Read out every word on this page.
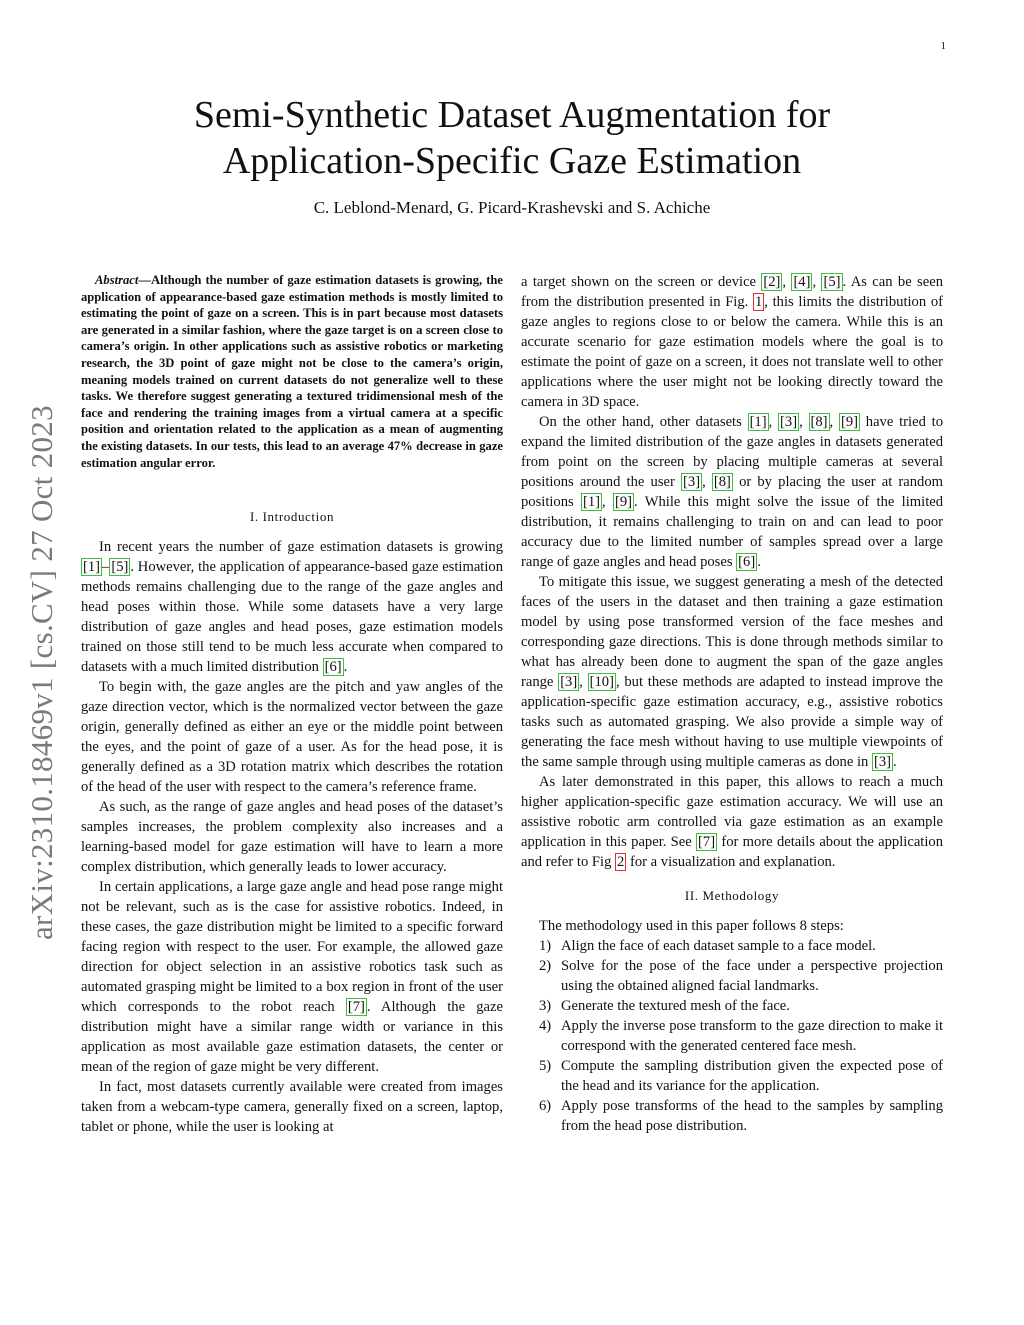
1
arXiv:2310.18469v1 [cs.CV] 27 Oct 2023
Semi-Synthetic Dataset Augmentation for
Application-Specific Gaze Estimation
C. Leblond-Menard, G. Picard-Krashevski and S. Achiche

Abstract—Although the number of gaze estimation datasets is growing, the application of appearance-based gaze estimation methods is mostly limited to estimating the point of gaze on a screen. This is in part because most datasets are generated in a similar fashion, where the gaze target is on a screen close to camera’s origin. In other applications such as assistive robotics or marketing research, the 3D point of gaze might not be close to the camera’s origin, meaning models trained on current datasets do not generalize well to these tasks. We therefore suggest generating a textured tridimensional mesh of the face and rendering the training images from a virtual camera at a specific position and orientation related to the application as a mean of augmenting the existing datasets. In our tests, this lead to an average 47% decrease in gaze estimation angular error.

I. Introduction

In recent years the number of gaze estimation datasets is growing [1] – [5] . However, the application of appearance-based gaze estimation methods remains challenging due to the range of the gaze angles and head poses within those. While some datasets have a very large distribution of gaze angles and head poses, gaze estimation models trained on those still tend to be much less accurate when compared to datasets with a much limited distribution [6] .

To begin with, the gaze angles are the pitch and yaw angles of the gaze direction vector, which is the normalized vector between the gaze origin, generally defined as either an eye or the middle point between the eyes, and the point of gaze of a user. As for the head pose, it is generally defined as a 3D rotation matrix which describes the rotation of the head of the user with respect to the camera’s reference frame.

As such, as the range of gaze angles and head poses of the dataset’s samples increases, the problem complexity also increases and a learning-based model for gaze estimation will have to learn a more complex distribution, which generally leads to lower accuracy.

In certain applications, a large gaze angle and head pose range might not be relevant, such as is the case for assistive robotics. Indeed, in these cases, the gaze distribution might be limited to a specific forward facing region with respect to the user. For example, the allowed gaze direction for object selection in an assistive robotics task such as automated grasping might be limited to a box region in front of the user which corresponds to the robot reach [7] . Although the gaze distribution might have a similar range width or variance in this application as most available gaze estimation datasets, the center or mean of the region of gaze might be very different.

In fact, most datasets currently available were created from images taken from a webcam-type camera, generally fixed on a screen, laptop, tablet or phone, while the user is looking at

a target shown on the screen or device [2] , [4] , [5] . As can be seen from the distribution presented in Fig. 1 , this limits the distribution of gaze angles to regions close to or below the camera. While this is an accurate scenario for gaze estimation models where the goal is to estimate the point of gaze on a screen, it does not translate well to other applications where the user might not be looking directly toward the camera in 3D space.

On the other hand, other datasets [1] , [3] , [8] , [9] have tried to expand the limited distribution of the gaze angles in datasets generated from point on the screen by placing multiple cameras at several positions around the user [3] , [8] or by placing the user at random positions [1] , [9] . While this might solve the issue of the limited distribution, it remains challenging to train on and can lead to poor accuracy due to the limited number of samples spread over a large range of gaze angles and head poses [6] .

To mitigate this issue, we suggest generating a mesh of the detected faces of the users in the dataset and then training a gaze estimation model by using pose transformed version of the face meshes and corresponding gaze directions. This is done through methods similar to what has already been done to augment the span of the gaze angles range [3] , [10] , but these methods are adapted to instead improve the application-specific gaze estimation accuracy, e.g., assistive robotics tasks such as automated grasping. We also provide a simple way of generating the face mesh without having to use multiple viewpoints of the same sample through using multiple cameras as done in [3] .

As later demonstrated in this paper, this allows to reach a much higher application-specific gaze estimation accuracy. We will use an assistive robotic arm controlled via gaze estimation as an example application in this paper. See [7] for more details about the application and refer to Fig 2 for a visualization and explanation.

II. Methodology

The methodology used in this paper follows 8 steps:

1) Align the face of each dataset sample to a face model.
2) Solve for the pose of the face under a perspective projection using the obtained aligned facial landmarks.
3) Generate the textured mesh of the face.
4) Apply the inverse pose transform to the gaze direction to make it correspond with the generated centered face mesh.
5) Compute the sampling distribution given the expected pose of the head and its variance for the application.
6) Apply pose transforms of the head to the samples by sampling from the head pose distribution.
